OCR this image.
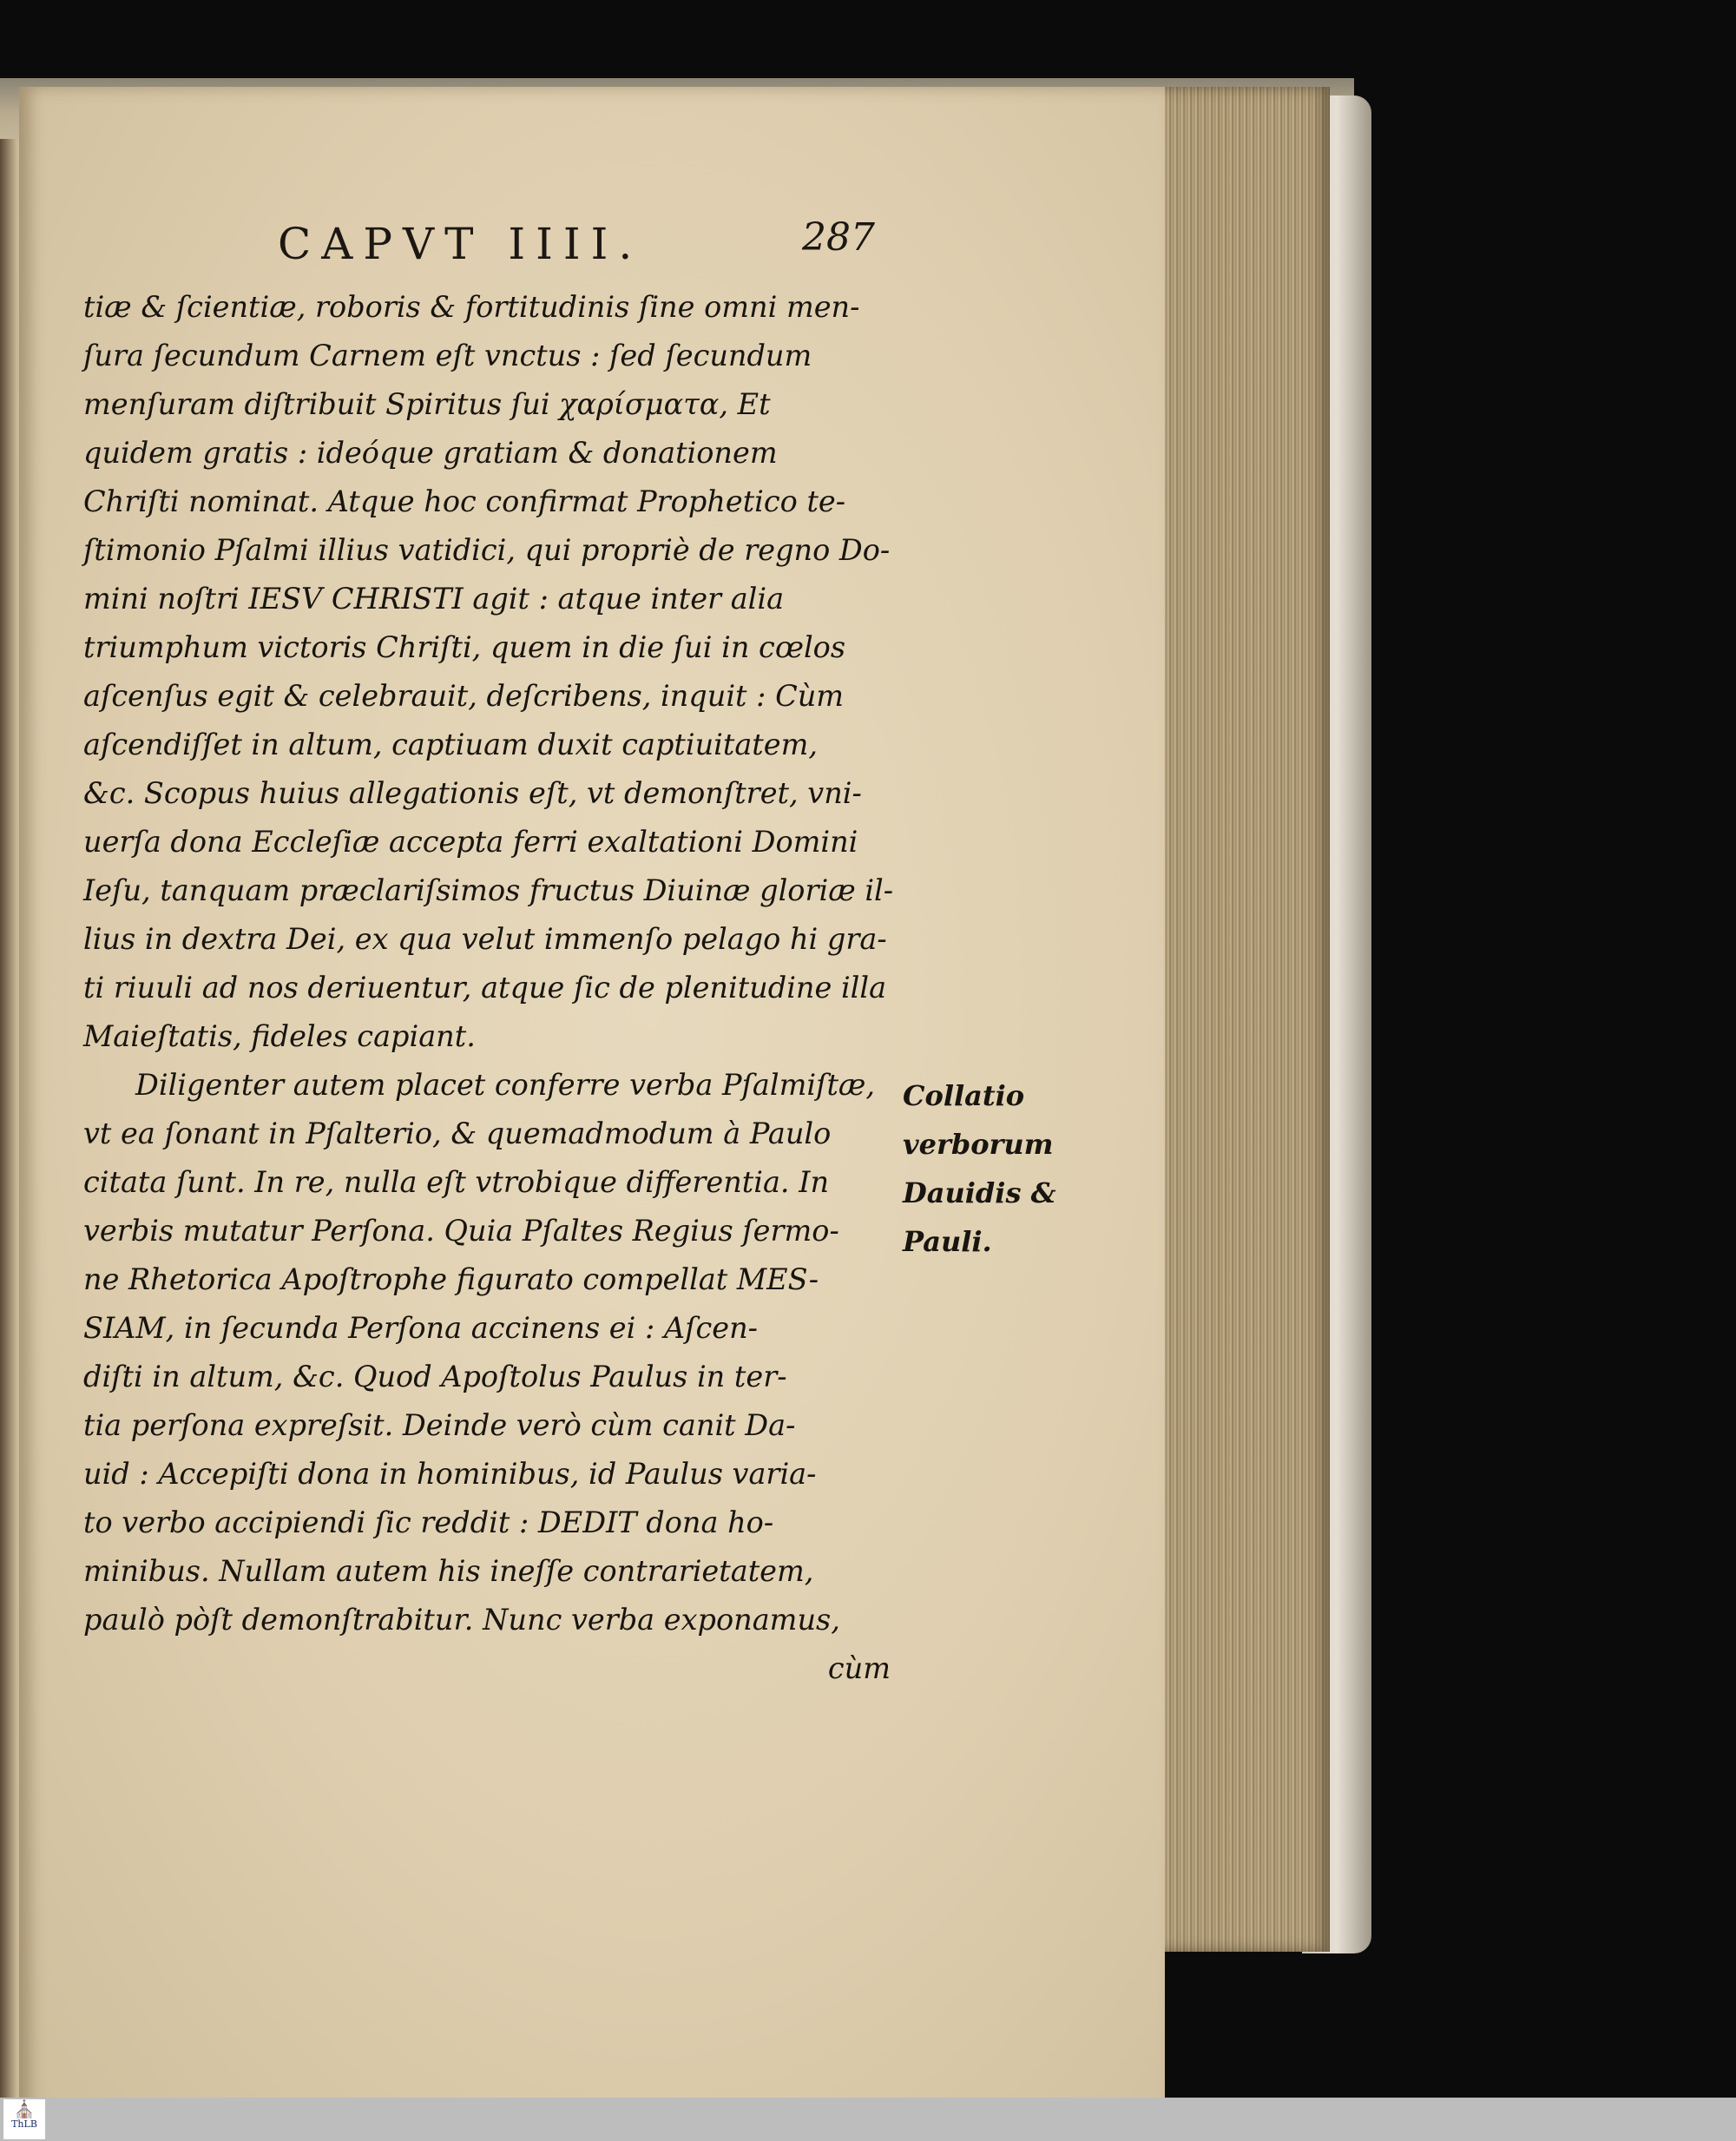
CAPVT IIII.	287
tiæ & ſcientiæ, roboris & fortitudinis ſine omni men-
ſura ſecundum Carnem eſt vnctus : ſed ſecundum
menſuram diſtribuit Spiritus ſui χαρίσματα, Et
quidem gratis : ideóque gratiam & donationem
Chriſti nominat. Atque hoc confirmat Prophetico te-
ſtimonio Pſalmi illius vatidici, qui propriè de regno Do-
mini noſtri IESV CHRISTI agit : atque inter alia
triumphum victoris Chriſti, quem in die ſui in cœlos
aſcenſus egit & celebrauit, deſcribens, inquit : Cùm
aſcendiſſet in altum, captiuam duxit captiuitatem,
&c. Scopus huius allegationis eſt, vt demonſtret, vni-
uerſa dona Eccleſiæ accepta ferri exaltationi Domini
Ieſu, tanquam præclariſsimos fructus Diuinæ gloriæ il-
lius in dextra Dei, ex qua velut immenſo pelago hi gra-
ti riuuli ad nos deriuentur, atque ſic de plenitudine illa
Maieſtatis, fideles capiant.
Diligenter autem placet conferre verba Pſalmiſtæ,
vt ea ſonant in Pſalterio, & quemadmodum à Paulo
citata ſunt. In re, nulla eſt vtrobique differentia. In
verbis mutatur Perſona. Quia Pſaltes Regius ſermo-
ne Rhetorica Apoſtrophe figurato compellat MES-
SIAM, in ſecunda Perſona accinens ei : Aſcen-
diſti in altum, &c. Quod Apoſtolus Paulus in ter-
tia perſona expreſsit. Deinde verò cùm canit Da-
uid : Accepiſti dona in hominibus, id Paulus varia-
to verbo accipiendi ſic reddit : DEDIT dona ho-
minibus. Nullam autem his ineſſe contrarietatem,
paulò pòſt demonſtrabitur. Nunc verba exponamus,
cùm
Collatio
verborum
Dauidis &
Pauli.
⛪
ThLB
